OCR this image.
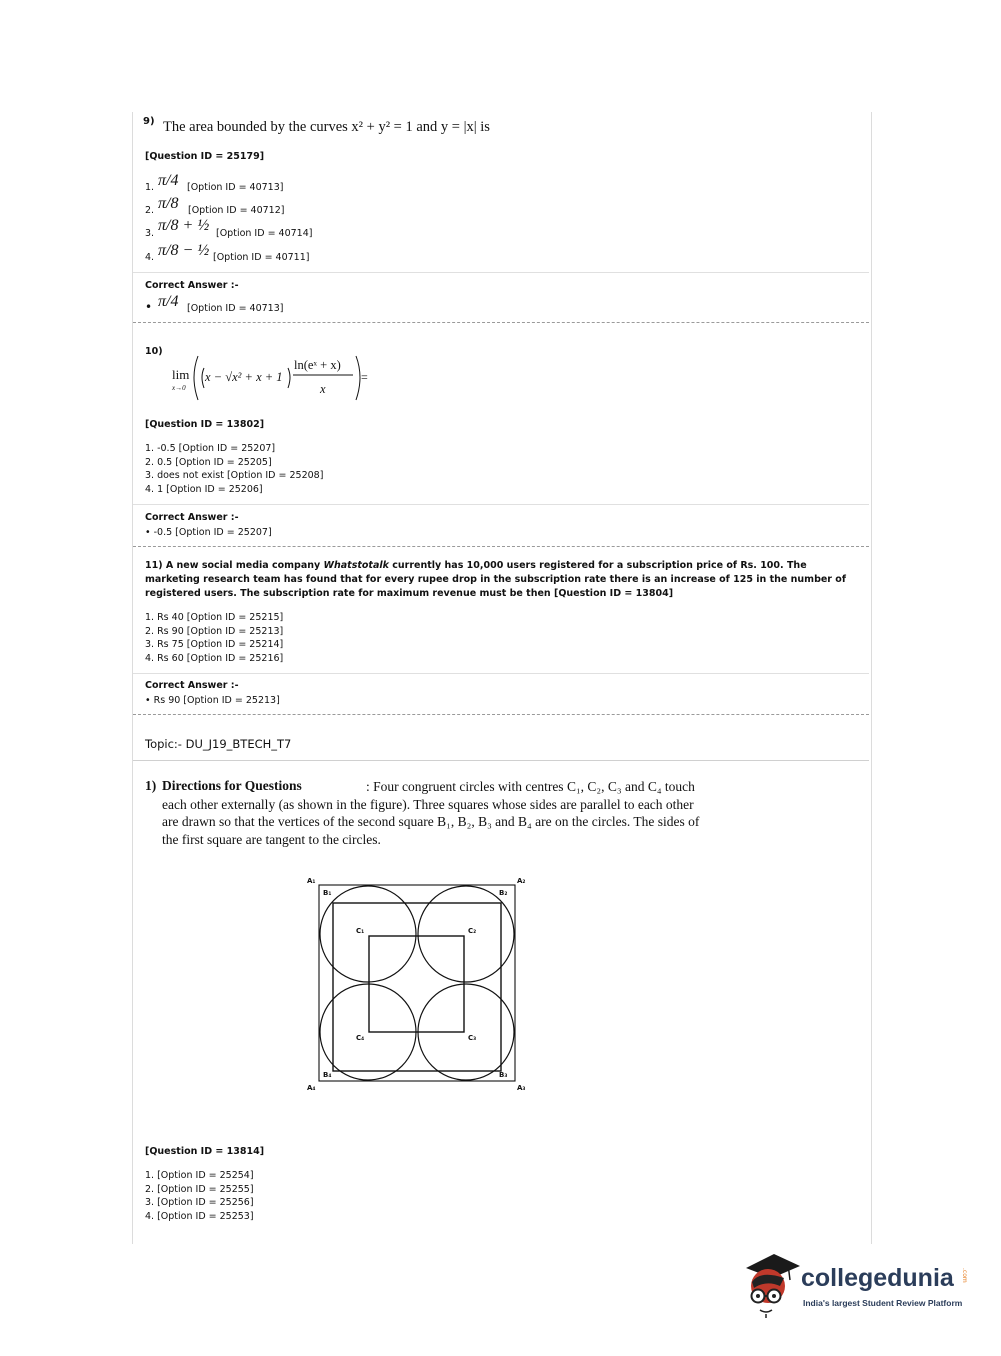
9) The area bounded by the curves x² + y² = 1 and y = |x| is
[Question ID = 25179]
1. π/4 [Option ID = 40713]
2. π/8 [Option ID = 40712]
3. π/8 + ½ [Option ID = 40714]
4. π/8 − ½ [Option ID = 40711]
Correct Answer :-
• π/4 [Option ID = 40713]
10)
lim
x→0
x − √x² + x + 1
ln(eˣ + x)
x
=
[Question ID = 13802]
1. -0.5 [Option ID = 25207]
2. 0.5 [Option ID = 25205]
3. does not exist [Option ID = 25208]
4. 1 [Option ID = 25206]
Correct Answer :-
• -0.5 [Option ID = 25207]
11) A new social media company Whatstotalk currently has 10,000 users registered for a subscription price of Rs. 100. The marketing research team has found that for every rupee drop in the subscription rate there is an increase of 125 in the number of registered users. The subscription rate for maximum revenue must be then [Question ID = 13804]
1. Rs 40 [Option ID = 25215]
2. Rs 90 [Option ID = 25213]
3. Rs 75 [Option ID = 25214]
4. Rs 60 [Option ID = 25216]
Correct Answer :-
• Rs 90 [Option ID = 25213]
Topic:- DU_J19_BTECH_T7
1) Directions for Questions	: Four congruent circles with centres C₁, C₂, C₃ and C₄ touch each other externally (as shown in the figure). Three squares whose sides are parallel to each other are drawn so that the vertices of the second square B₁, B₂, B₃ and B₄ are on the circles. The sides of the first square are tangent to the circles.
A₁	A₂
A₃
A₄
B₁	B₂
B₃
B₄
C₁	C₂
C₃
C₄
[Question ID = 13814]
1. [Option ID = 25254]
2. [Option ID = 25255]
3. [Option ID = 25256]
4. [Option ID = 25253]
collegedunia .com
India's largest Student Review Platform
